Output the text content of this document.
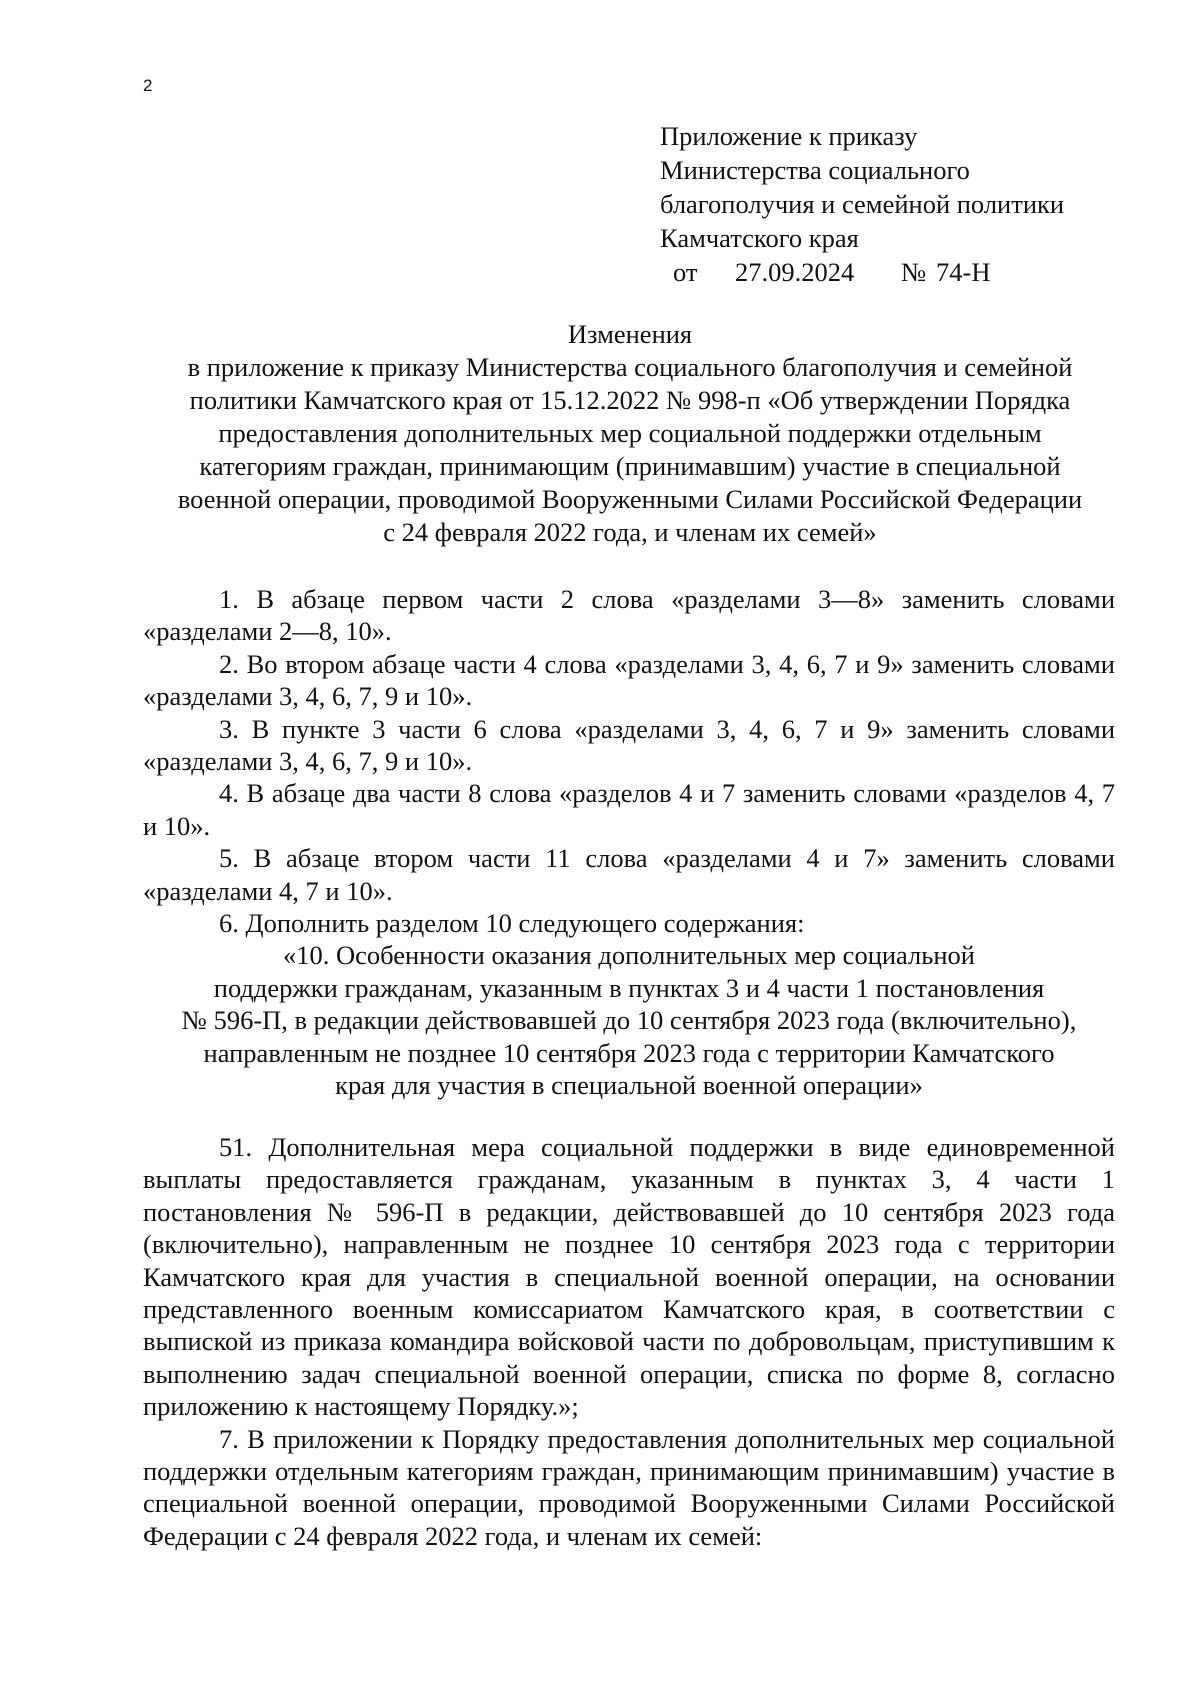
2
Приложение к приказу
Министерства социального
благополучия и семейной политики
Камчатского края
от	27.09.2024	№ 74-Н
Изменения
в приложение к приказу Министерства социального благополучия и семейной
политики Камчатского края от 15.12.2022 № 998-п «Об утверждении Порядка
предоставления дополнительных мер социальной поддержки отдельным
категориям граждан, принимающим (принимавшим) участие в специальной
военной операции, проводимой Вооруженными Силами Российской Федерации
с 24 февраля 2022 года, и членам их семей»

1. В абзаце первом части 2 слова «разделами 3—8» заменить словами «разделами 2—8, 10».

2. Во втором абзаце части 4 слова «разделами 3, 4, 6, 7 и 9» заменить словами «разделами 3, 4, 6, 7, 9 и 10».

3. В пункте 3 части 6 слова «разделами 3, 4, 6, 7 и 9» заменить словами «разделами 3, 4, 6, 7, 9 и 10».

4. В абзаце два части 8 слова «разделов 4 и 7 заменить словами «разделов 4, 7 и 10».

5. В абзаце втором части 11 слова «разделами 4 и 7» заменить словами «разделами 4, 7 и 10».

6. Дополнить разделом 10 следующего содержания:

«10. Особенности оказания дополнительных мер социальной
поддержки гражданам, указанным в пунктах 3 и 4 части 1 постановления
№ 596-П, в редакции действовавшей до 10 сентября 2023 года (включительно),
направленным не позднее 10 сентября 2023 года с территории Камчатского
края для участия в специальной военной операции»

51. Дополнительная мера социальной поддержки в виде единовременной выплаты предоставляется гражданам, указанным в пунктах 3, 4 части 1 постановления № 596-П в редакции, действовавшей до 10 сентября 2023 года (включительно), направленным не позднее 10 сентября 2023 года с территории Камчатского края для участия в специальной военной операции, на основании представленного военным комиссариатом Камчатского края, в соответствии с выпиской из приказа командира войсковой части по добровольцам, приступившим к выполнению задач специальной военной операции, списка по форме 8, согласно приложению к настоящему Порядку.»;

7. В приложении к Порядку предоставления дополнительных мер социальной поддержки отдельным категориям граждан, принимающим принимавшим) участие в специальной военной операции, проводимой Вооруженными Силами Российской Федерации с 24 февраля 2022 года, и членам их семей:
